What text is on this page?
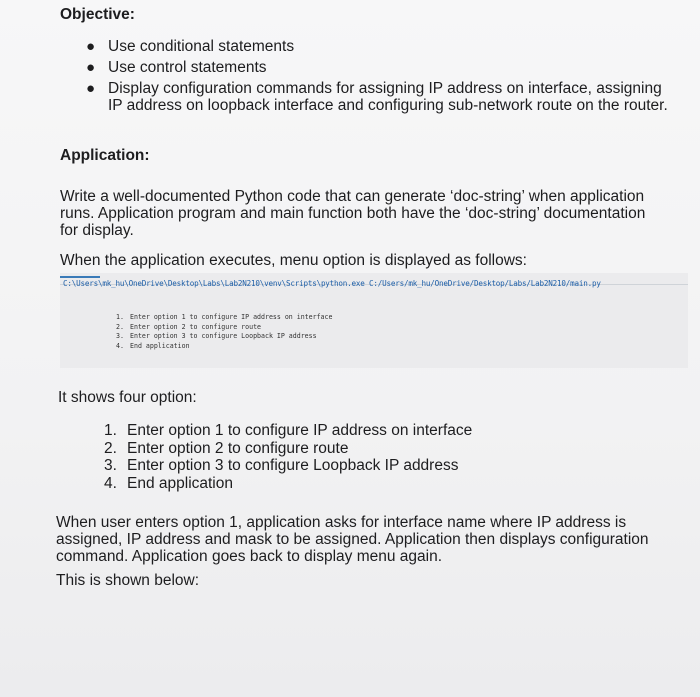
Objective:
● Use conditional statements
● Use control statements
● Display configuration commands for assigning IP address on interface, assigning IP address on loopback interface and configuring sub-network route on the router.
Application:
Write a well-documented Python code that can generate ‘doc-string’ when application runs. Application program and main function both have the ‘doc-string’ documentation for display.
When the application executes, menu option is displayed as follows:
C:\Users\mk_hu\OneDrive\Desktop\Labs\Lab2N210\venv\Scripts\python.exe C:/Users/mk_hu/OneDrive/Desktop/Labs/Lab2N210/main.py
1. Enter option 1 to configure IP address on interface
2. Enter option 2 to configure route
3. Enter option 3 to configure Loopback IP address
4. End application
It shows four option:
1. Enter option 1 to configure IP address on interface
2. Enter option 2 to configure route
3. Enter option 3 to configure Loopback IP address
4. End application
When user enters option 1, application asks for interface name where IP address is assigned, IP address and mask to be assigned. Application then displays configuration command. Application goes back to display menu again.
This is shown below:
